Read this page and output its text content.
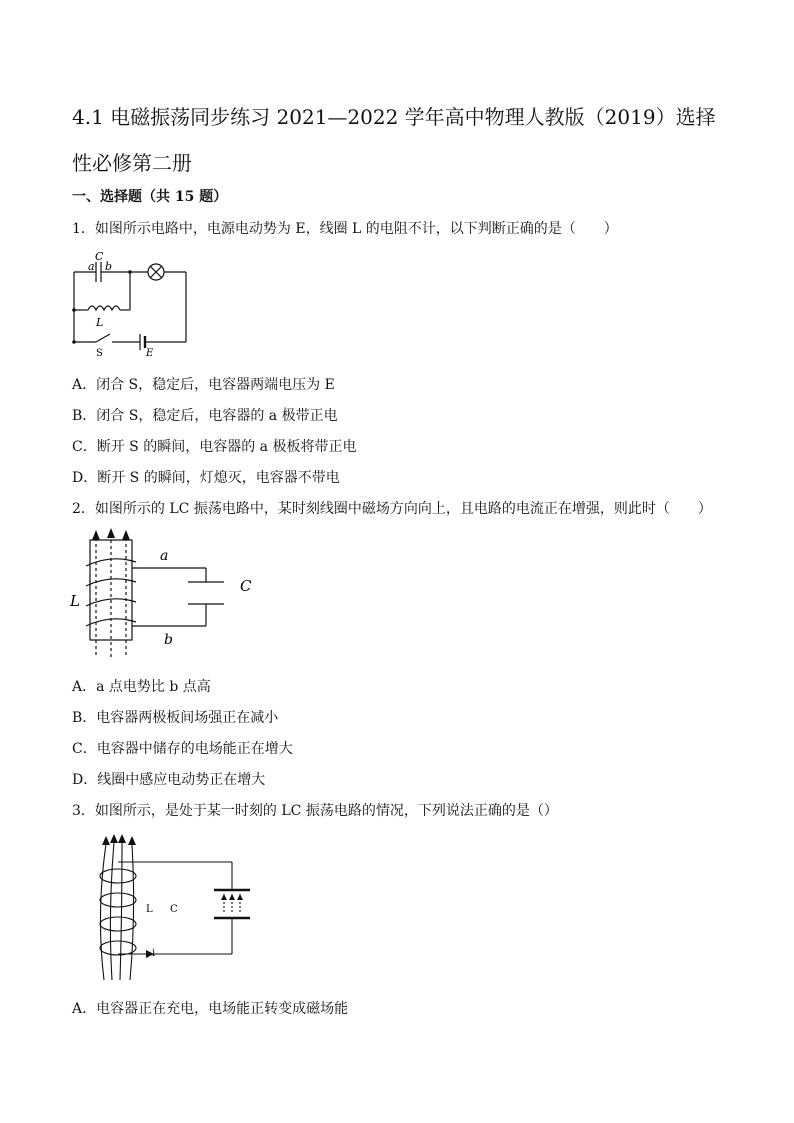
4.1 电磁振荡同步练习 2021—2022 学年高中物理人教版（2019）选择
性必修第二册
一、选择题（共 15 题）
1．如图所示电路中，电源电动势为 E，线圈 L 的电阻不计，以下判断正确的是（　　）
a
C
b
L
S	E
A．闭合 S，稳定后，电容器两端电压为 E
B．闭合 S，稳定后，电容器的 a 极带正电
C．断开 S 的瞬间，电容器的 a 极板将带正电
D．断开 S 的瞬间，灯熄灭，电容器不带电
2．如图所示的 LC 振荡电路中，某时刻线圈中磁场方向向上，且电路的电流正在增强，则此时（　　）
a
C
L
b
A．a 点电势比 b 点高
B．电容器两极板间场强正在减小
C．电容器中储存的电场能正在增大
D．线圈中感应电动势正在增大
3．如图所示，是处于某一时刻的 LC 振荡电路的情况，下列说法正确的是（）
L C
i
A．电容器正在充电，电场能正转变成磁场能
